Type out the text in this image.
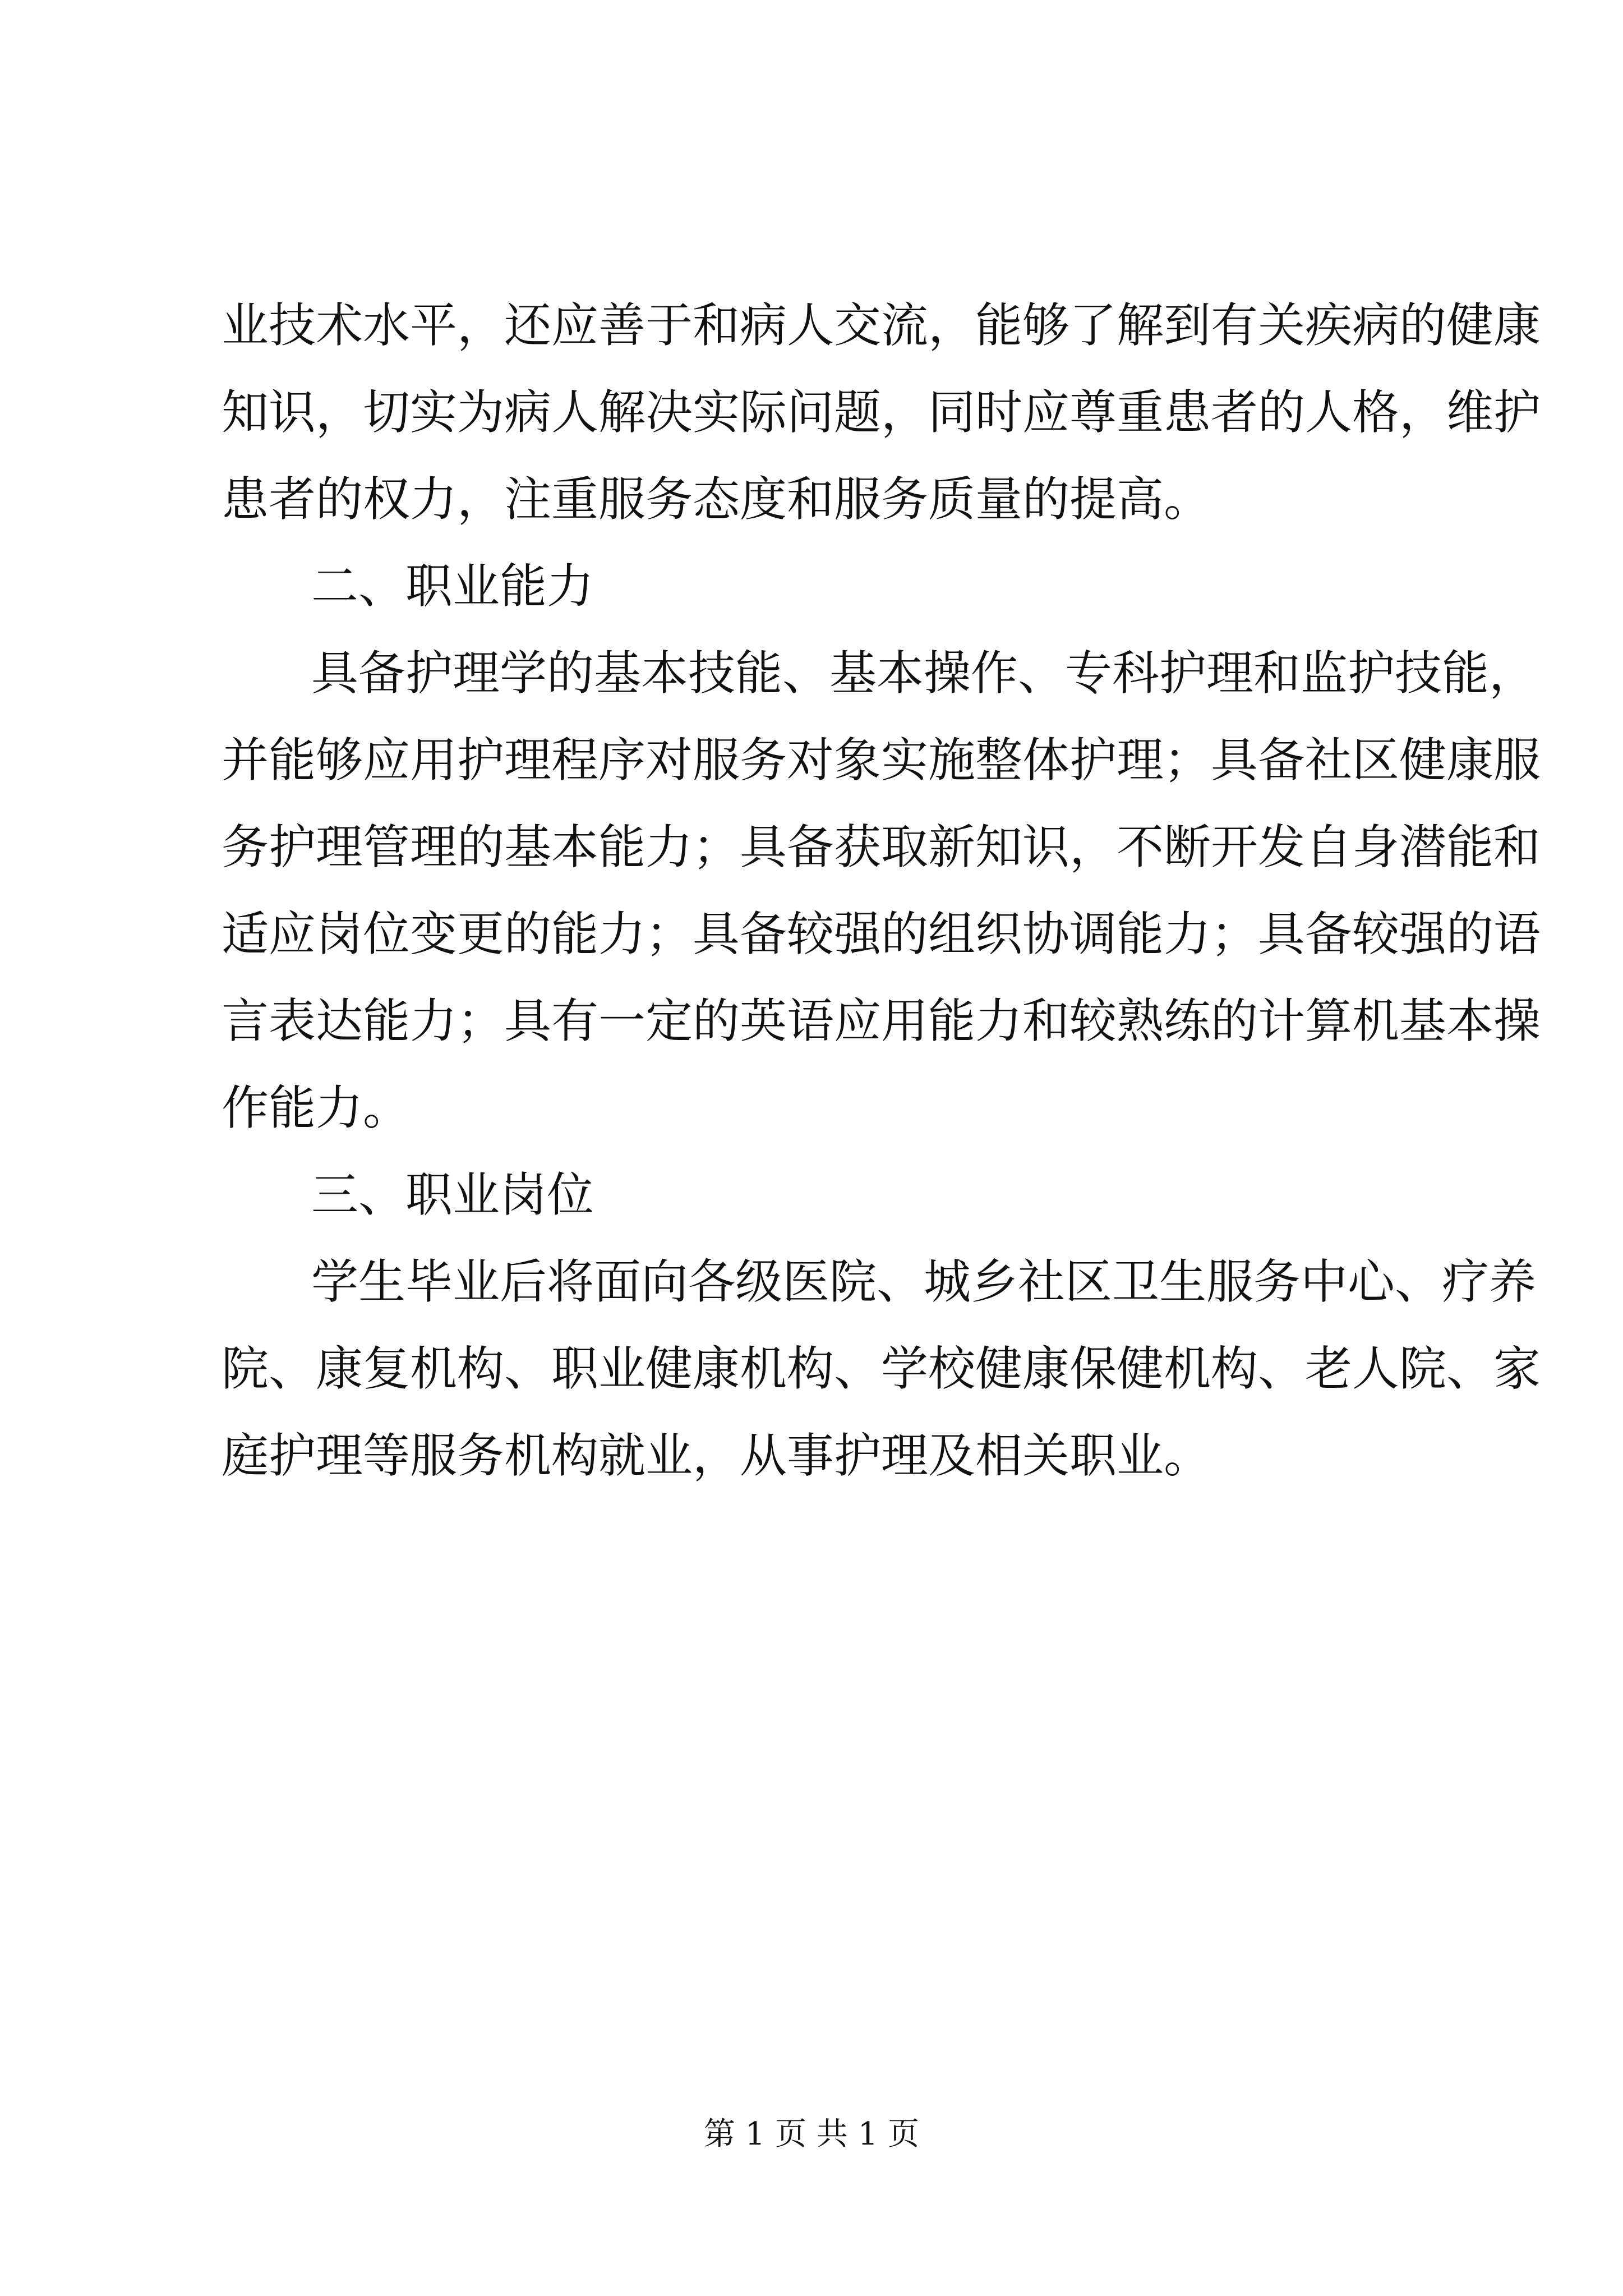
业技术水平，还应善于和病人交流，能够了解到有关疾病的健康
知识，切实为病人解决实际问题，同时应尊重患者的人格，维护
患者的权力，注重服务态度和服务质量的提高。
二、职业能力
具备护理学的基本技能、基本操作、专科护理和监护技能，
并能够应用护理程序对服务对象实施整体护理；具备社区健康服
务护理管理的基本能力；具备获取新知识，不断开发自身潜能和
适应岗位变更的能力；具备较强的组织协调能力；具备较强的语
言表达能力；具有一定的英语应用能力和较熟练的计算机基本操
作能力。
三、职业岗位
学生毕业后将面向各级医院、城乡社区卫生服务中心、疗养
院、康复机构、职业健康机构、学校健康保健机构、老人院、家
庭护理等服务机构就业，从事护理及相关职业。
第 1 页 共 1 页
